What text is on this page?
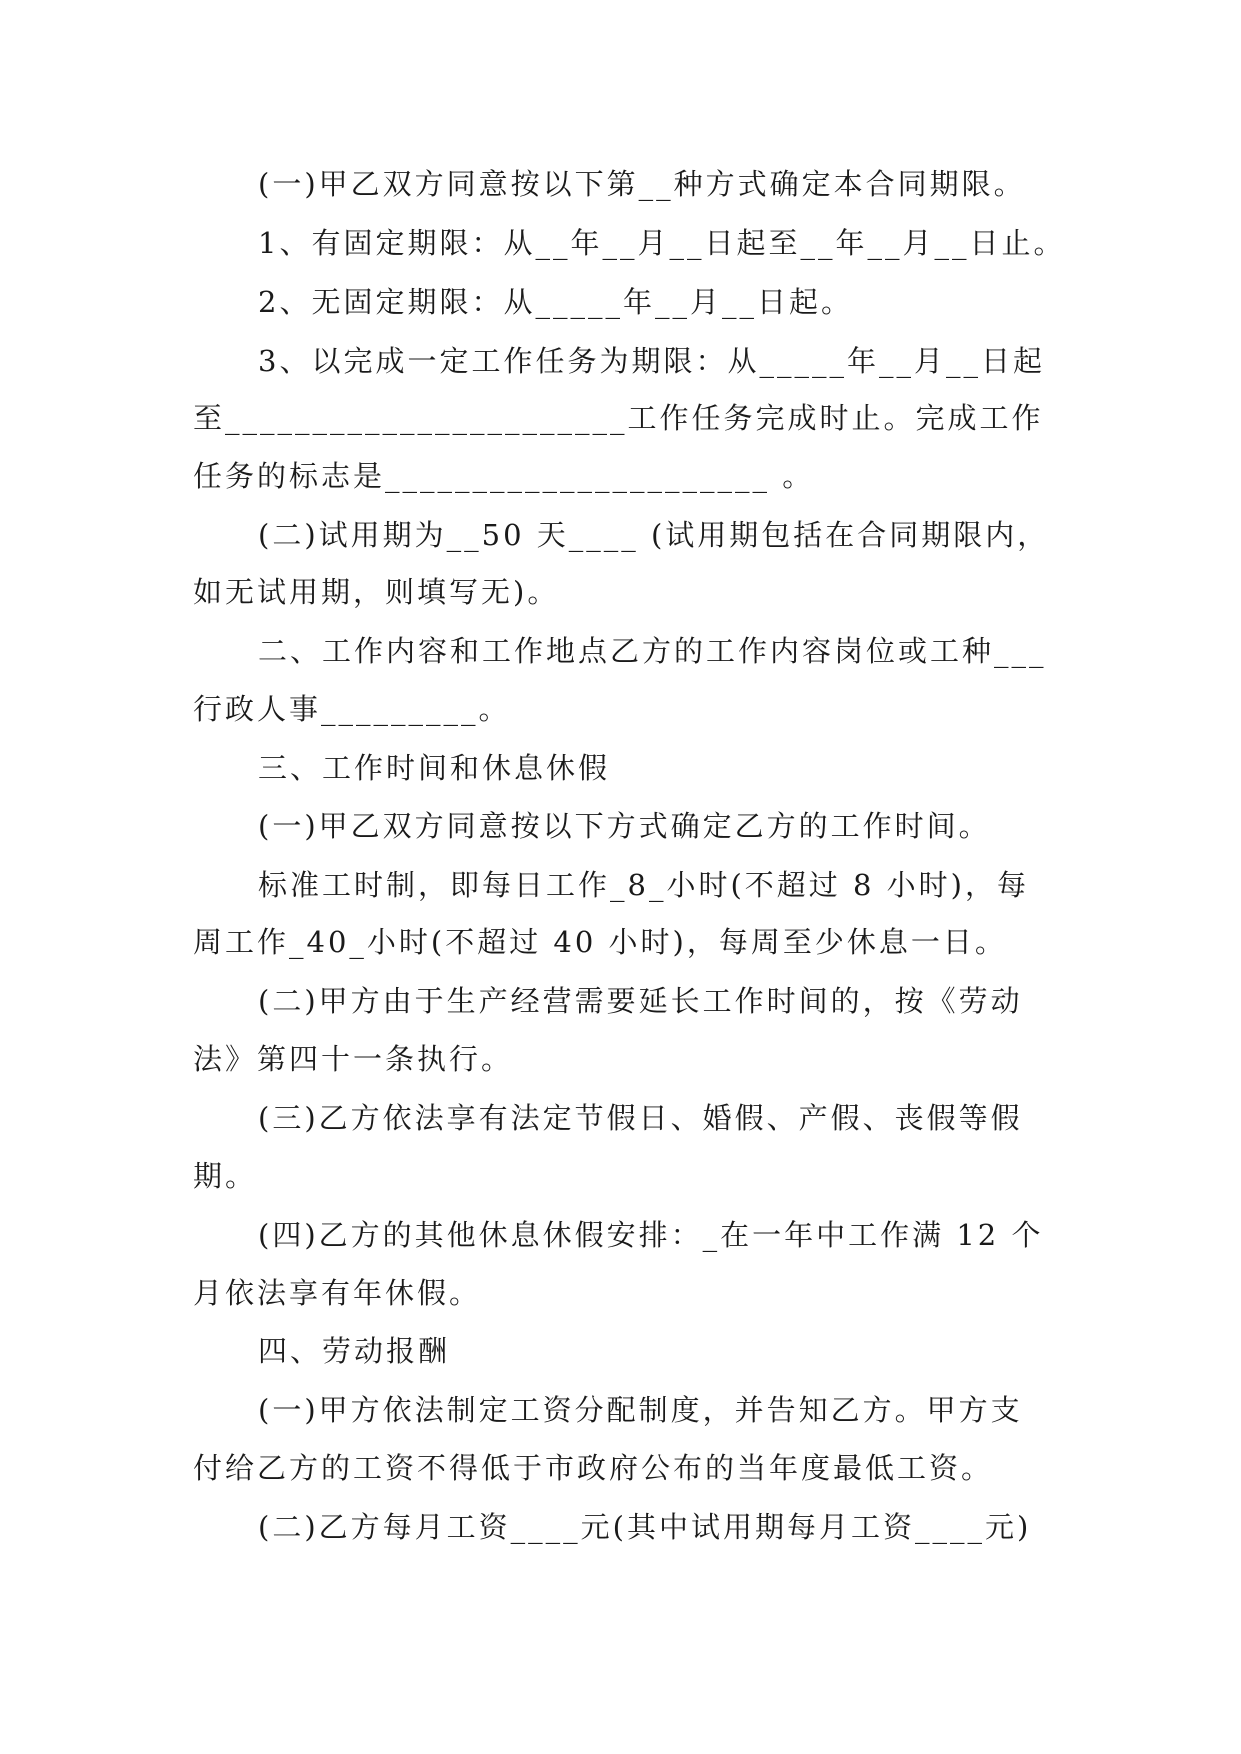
(一)甲乙双方同意按以下第__种方式确定本合同期限。
1、有固定期限：从__年__月__日起至__年__月__日止。
2、无固定期限：从_____年__月__日起。
3、以完成一定工作任务为期限：从_____年__月__日起
至_______________________工作任务完成时止。完成工作
任务的标志是______________________ 。
(二)试用期为__50 天____ (试用期包括在合同期限内，
如无试用期，则填写无)。
二、工作内容和工作地点乙方的工作内容岗位或工种___
行政人事_________。
三、工作时间和休息休假
(一)甲乙双方同意按以下方式确定乙方的工作时间。
标准工时制，即每日工作_8_小时(不超过 8 小时)，每
周工作_40_小时(不超过 40 小时)，每周至少休息一日。
(二)甲方由于生产经营需要延长工作时间的，按《劳动
法》第四十一条执行。
(三)乙方依法享有法定节假日、婚假、产假、丧假等假
期。
(四)乙方的其他休息休假安排：_在一年中工作满 12 个
月依法享有年休假。
四、劳动报酬
(一)甲方依法制定工资分配制度，并告知乙方。甲方支
付给乙方的工资不得低于市政府公布的当年度最低工资。
(二)乙方每月工资____元(其中试用期每月工资____元)
